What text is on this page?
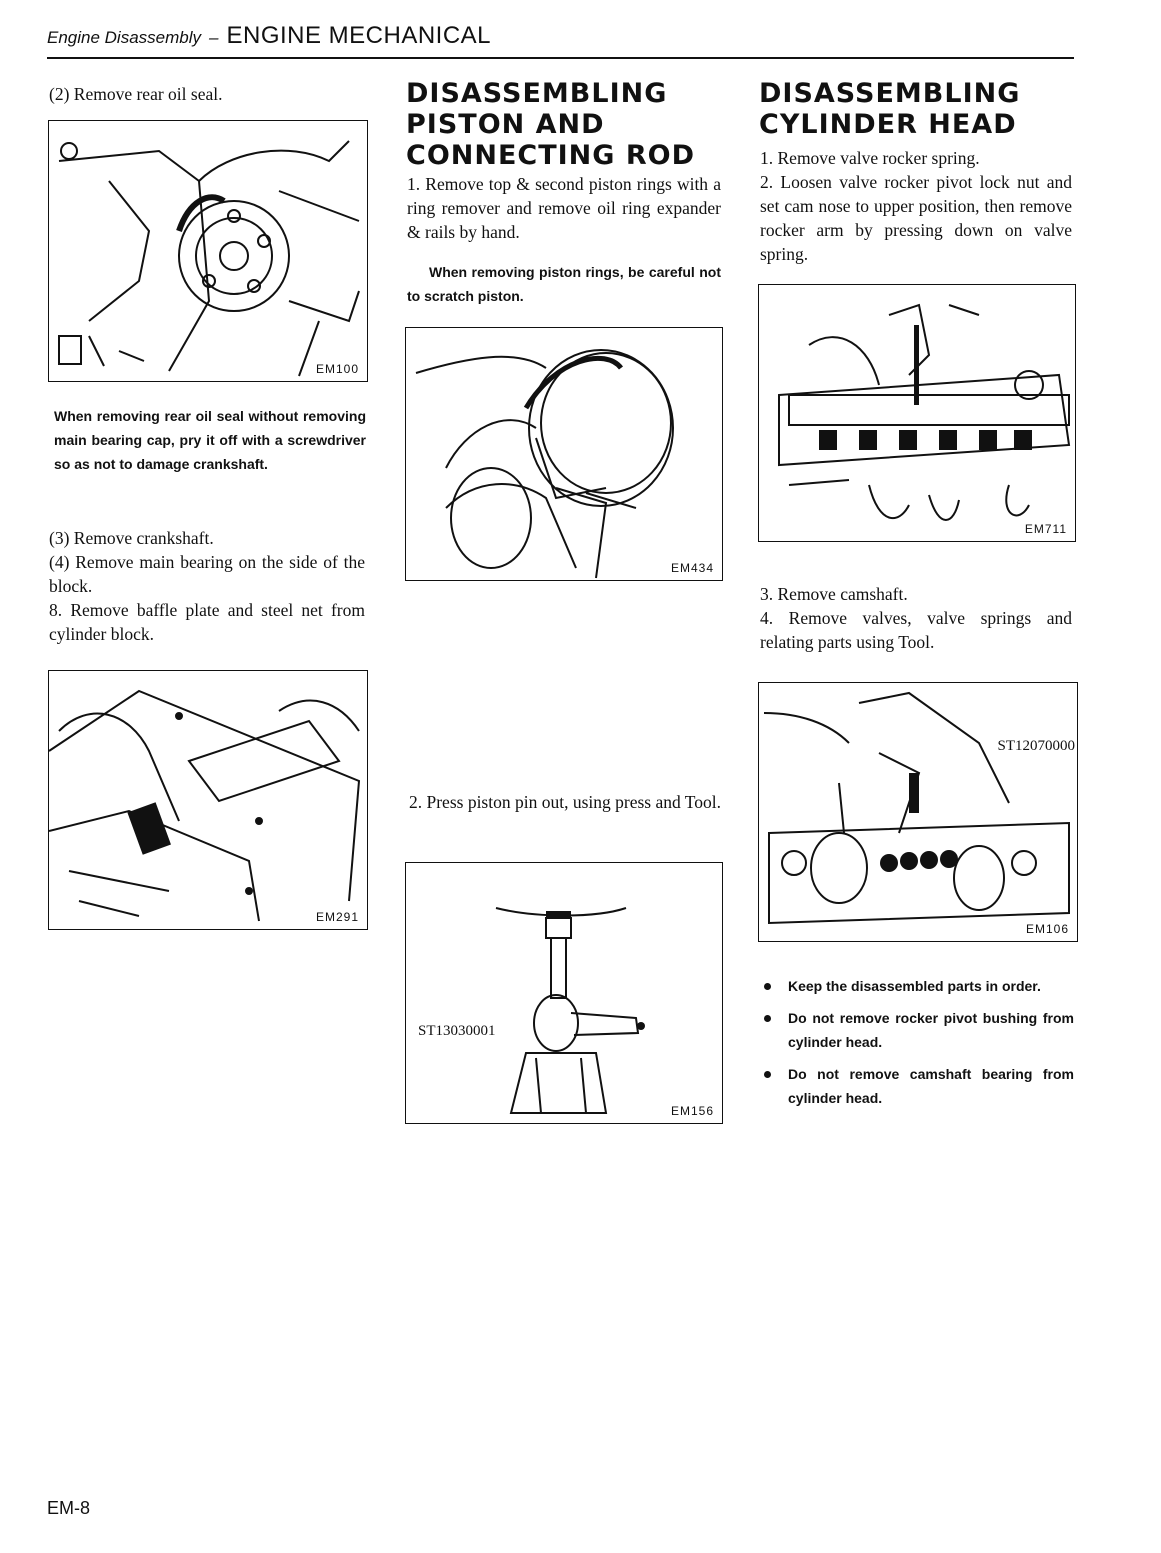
Engine Disassembly – ENGINE MECHANICAL

(2) Remove rear oil seal.

EM100
When removing rear oil seal without removing main bearing cap, pry it off with a screwdriver so as not to damage crankshaft.

(3) Remove crankshaft.

(4) Remove main bearing on the side of the block.

8. Remove baffle plate and steel net from cylinder block.

EM291
DISASSEMBLING
PISTON AND
CONNECTING ROD

1. Remove top & second piston rings with a ring remover and remove oil ring expander & rails by hand.

When removing piston rings, be careful not to scratch piston.
EM434

2. Press piston pin out, using press and Tool.

ST13030001
EM156
DISASSEMBLING
CYLINDER HEAD

1. Remove valve rocker spring.

2. Loosen valve rocker pivot lock nut and set cam nose to upper position, then remove rocker arm by pressing down on valve spring.

EM711

3. Remove camshaft.

4. Remove valves, valve springs and relating parts using Tool.

ST12070000
EM106
Keep the disassembled parts in order.
Do not remove rocker pivot bushing from cylinder head.
Do not remove camshaft bearing from cylinder head.
EM-8
